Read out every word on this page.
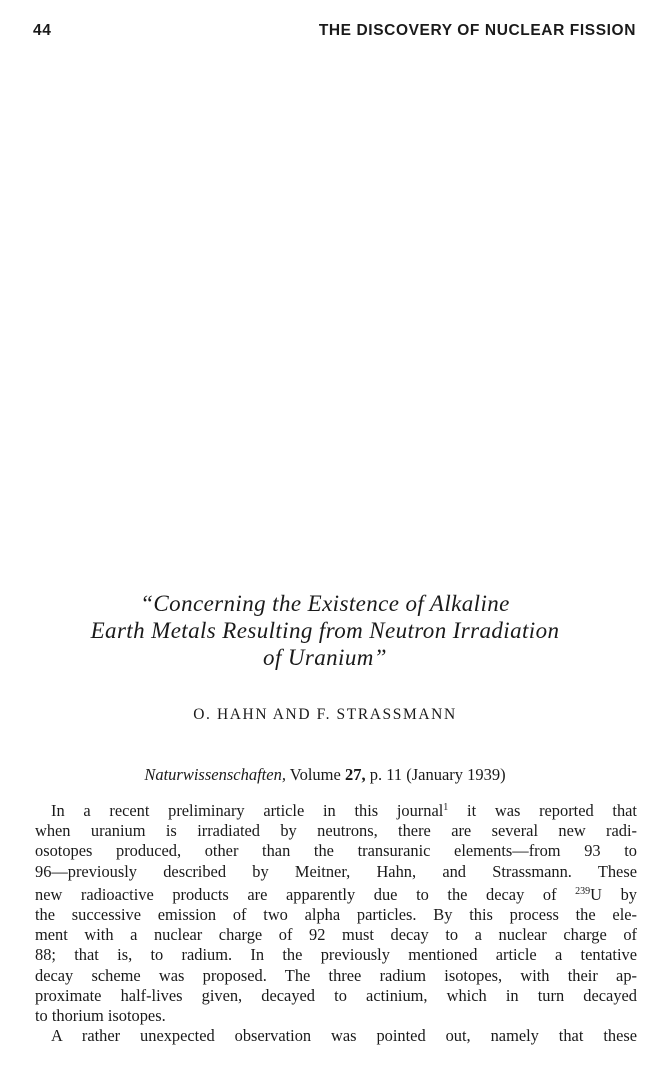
44	THE DISCOVERY OF NUCLEAR FISSION
“Concerning the Existence of Alkaline
Earth Metals Resulting from Neutron Irradiation
of Uranium”
O. HAHN AND F. STRASSMANN
Naturwissenschaften, Volume 27, p. 11 (January 1939)
In a recent preliminary article in this journal$^1$ it was reported that
when uranium is irradiated by neutrons, there are several new radi-
osotopes produced, other than the transuranic elements—from 93 to
96—previously described by Meitner, Hahn, and Strassmann. These
new radioactive products are apparently due to the decay of $^{239}$U by
the successive emission of two alpha particles. By this process the ele-
ment with a nuclear charge of 92 must decay to a nuclear charge of
88; that is, to radium. In the previously mentioned article a tentative
decay scheme was proposed. The three radium isotopes, with their ap-
proximate half-lives given, decayed to actinium, which in turn decayed
to thorium isotopes.
A rather unexpected observation was pointed out, namely that these
